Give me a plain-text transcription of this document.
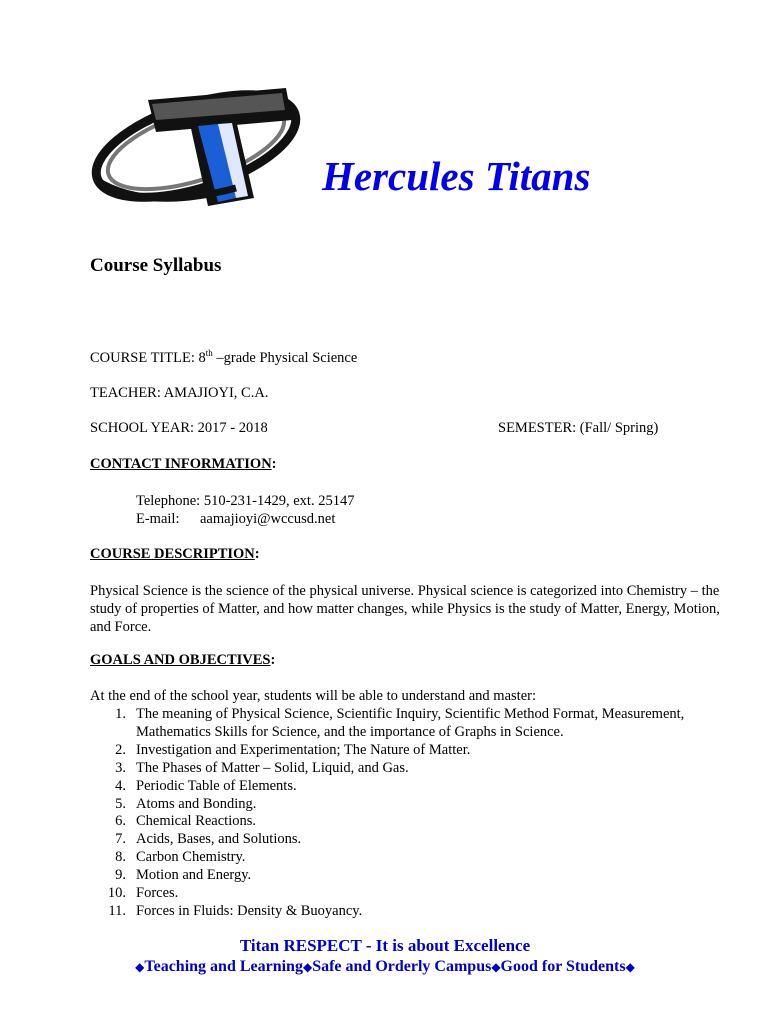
Hercules Titans
Course Syllabus

COURSE TITLE: 8th –grade Physical Science

TEACHER: AMAJIOYI, C.A.

SCHOOL YEAR: 2017 - 2018	SEMESTER: (Fall/ Spring)

CONTACT INFORMATION:

Telephone: 510-231-1429, ext. 25147
E-mail: aamajioyi@wccusd.net

COURSE DESCRIPTION:

Physical Science is the science of the physical universe. Physical science is categorized into Chemistry – the study of properties of Matter, and how matter changes, while Physics is the study of Matter, Energy, Motion, and Force.

GOALS AND OBJECTIVES:

At the end of the school year, students will be able to understand and master:

1. The meaning of Physical Science, Scientific Inquiry, Scientific Method Format, Measurement, Mathematics Skills for Science, and the importance of Graphs in Science.
2. Investigation and Experimentation; The Nature of Matter.
3. The Phases of Matter – Solid, Liquid, and Gas.
4. Periodic Table of Elements.
5. Atoms and Bonding.
6. Chemical Reactions.
7. Acids, Bases, and Solutions.
8. Carbon Chemistry.
9. Motion and Energy.
10. Forces.
11. Forces in Fluids: Density & Buoyancy.

Titan RESPECT - It is about Excellence

◆Teaching and Learning◆Safe and Orderly Campus◆Good for Students◆
